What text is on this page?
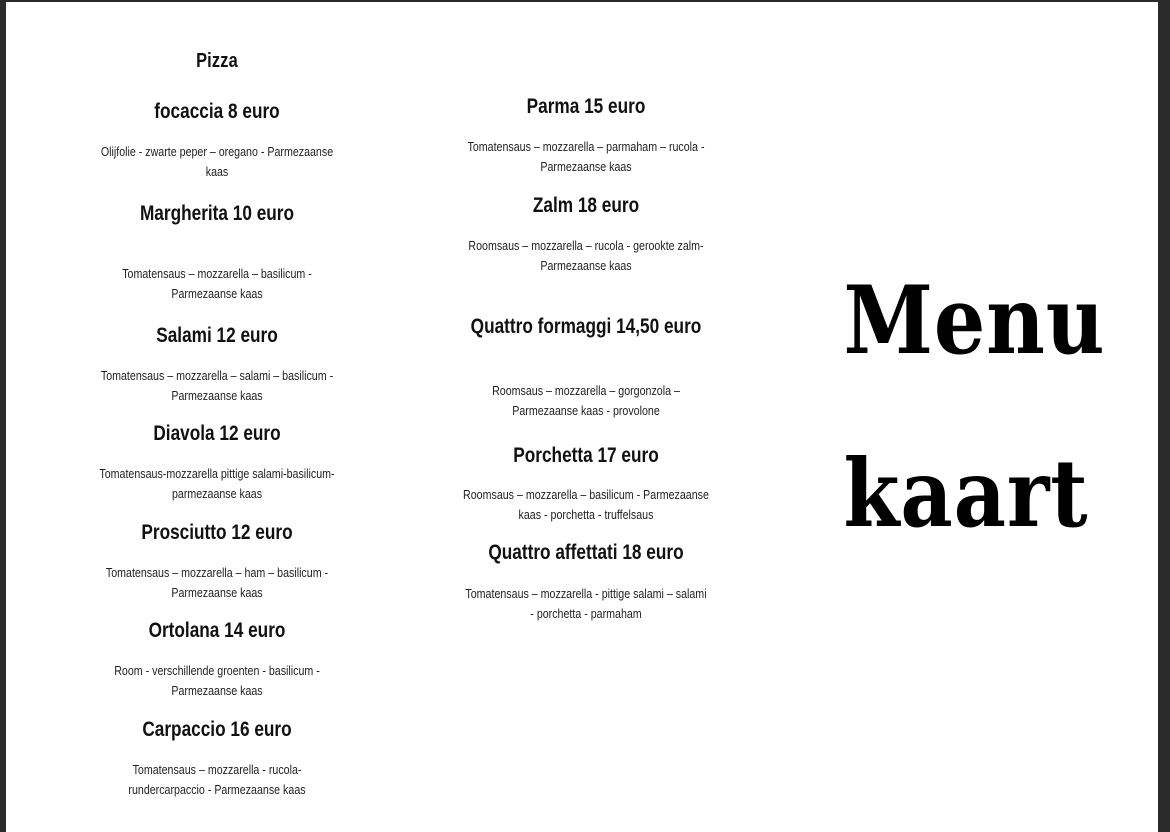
Pizza
focaccia 8 euro
Olijfolie - zwarte peper – oregano - Parmezaanse kaas
Margherita 10 euro
Tomatensaus – mozzarella – basilicum - Parmezaanse kaas
Salami 12 euro
Tomatensaus – mozzarella – salami – basilicum - Parmezaanse kaas
Diavola 12 euro
Tomatensaus-mozzarella pittige salami-basilicum-parmezaanse kaas
Prosciutto 12 euro
Tomatensaus – mozzarella – ham – basilicum - Parmezaanse kaas
Ortolana 14 euro
Room - verschillende groenten - basilicum - Parmezaanse kaas
Carpaccio 16 euro
Tomatensaus – mozzarella - rucola- rundercarpaccio - Parmezaanse kaas
Parma 15 euro
Tomatensaus – mozzarella – parmaham – rucola - Parmezaanse kaas
Zalm 18 euro
Roomsaus – mozzarella – rucola - gerookte zalm- Parmezaanse kaas
Quattro formaggi 14,50 euro
Roomsaus – mozzarella – gorgonzola – Parmezaanse kaas - provolone
Porchetta 17 euro
Roomsaus – mozzarella – basilicum - Parmezaanse kaas - porchetta - truffelsaus
Quattro affettati 18 euro
Tomatensaus – mozzarella - pittige salami – salami - porchetta - parmaham
Menu
kaart
